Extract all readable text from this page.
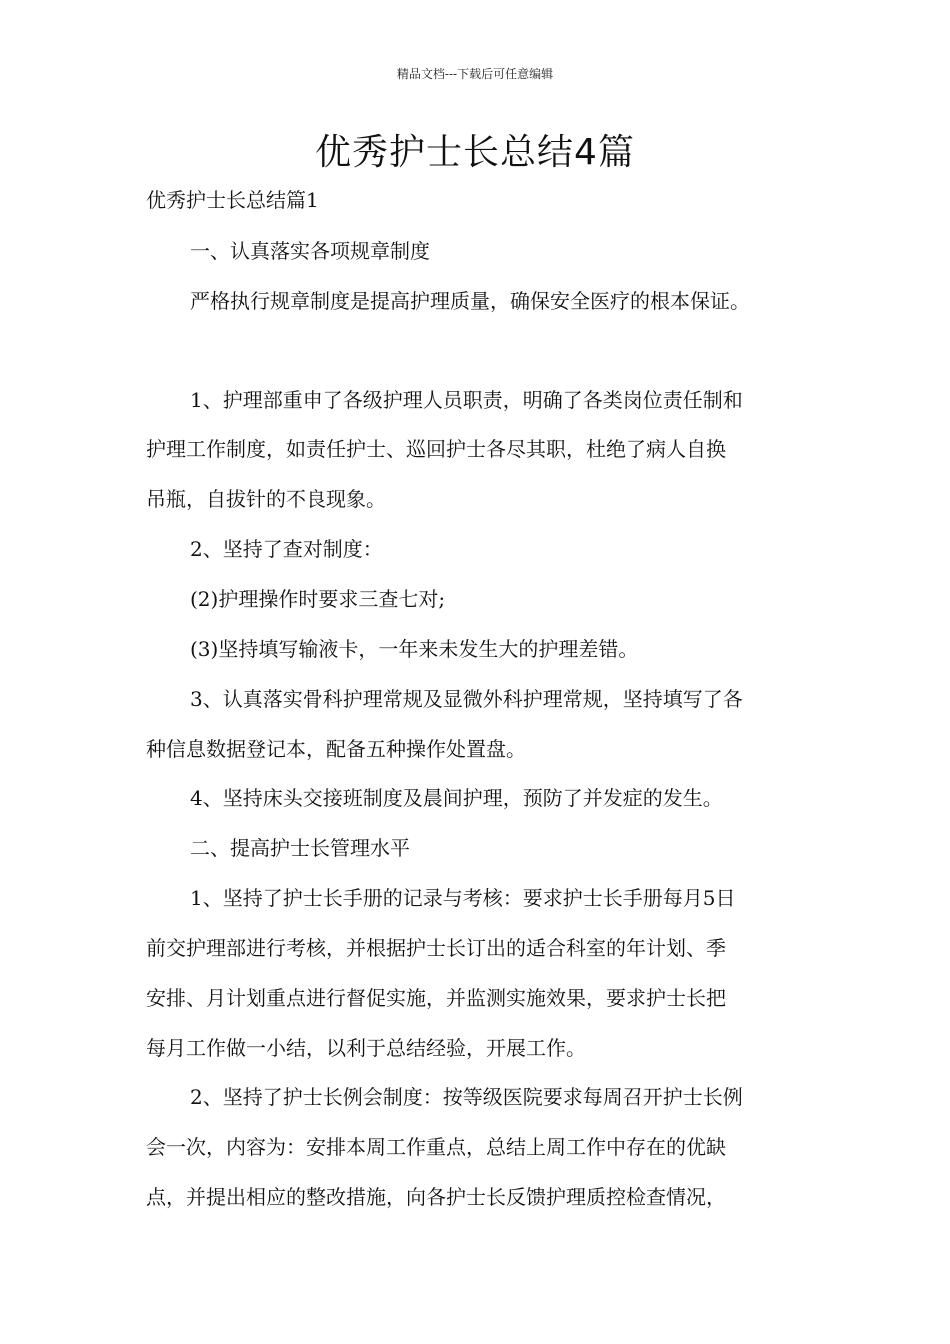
精品文档---下载后可任意编辑
优秀护士长总结4篇
优秀护士长总结篇1
一、认真落实各项规章制度
严格执行规章制度是提高护理质量，确保安全医疗的根本保证。
1、护理部重申了各级护理人员职责，明确了各类岗位责任制和
护理工作制度，如责任护士、巡回护士各尽其职，杜绝了病人自换
吊瓶，自拔针的不良现象。
2、坚持了查对制度：
(2)护理操作时要求三查七对;
(3)坚持填写输液卡，一年来未发生大的护理差错。
3、认真落实骨科护理常规及显微外科护理常规，坚持填写了各
种信息数据登记本，配备五种操作处置盘。
4、坚持床头交接班制度及晨间护理，预防了并发症的发生。
二、提高护士长管理水平
1、坚持了护士长手册的记录与考核：要求护士长手册每月5日
前交护理部进行考核，并根据护士长订出的适合科室的年计划、季
安排、月计划重点进行督促实施，并监测实施效果，要求护士长把
每月工作做一小结，以利于总结经验，开展工作。
2、坚持了护士长例会制度：按等级医院要求每周召开护士长例
会一次，内容为：安排本周工作重点，总结上周工作中存在的优缺
点，并提出相应的整改措施，向各护士长反馈护理质控检查情况，
